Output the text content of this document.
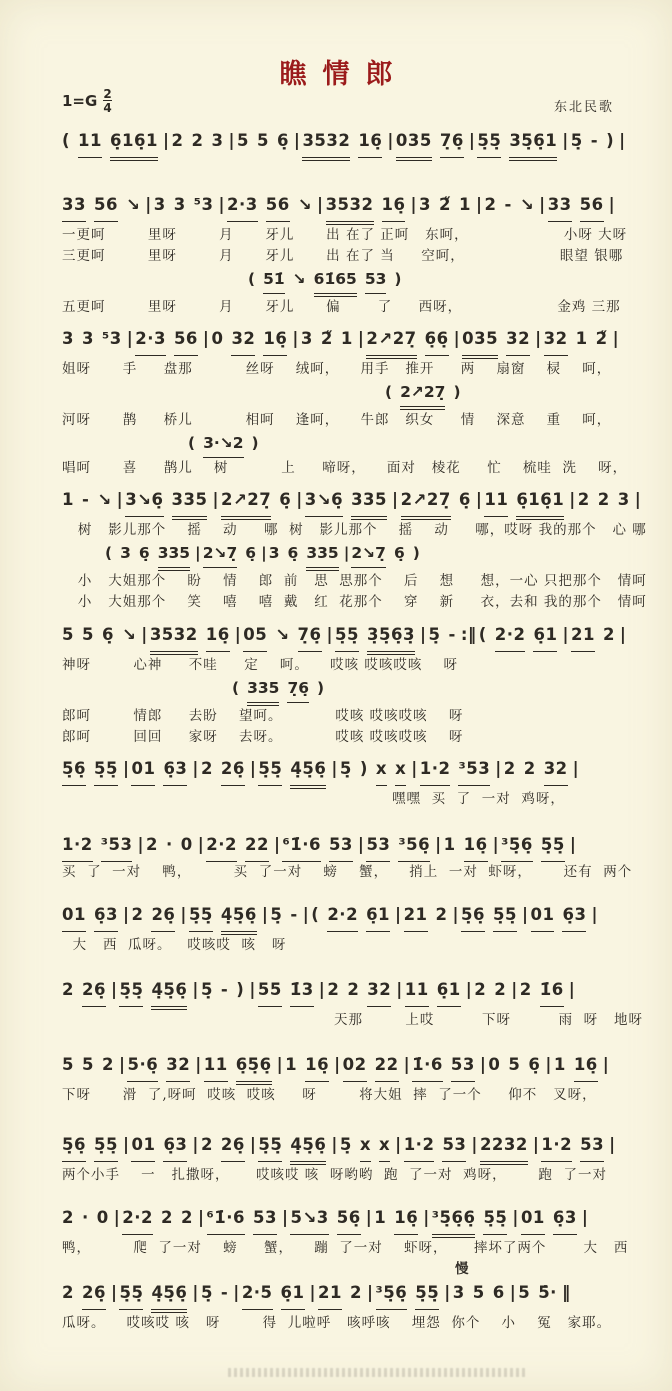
瞧情郎
$1=G \frac{2}{4}$	东北民歌
( 11 6̣16̣1 | 2 2 3 | 5 5 6̣ | 3532 16̣ | 035 7̣6̣ | 5̣5̣ 35̣6̣1 | 5̣ - ) |
33 56 ↘ | 3 3 ⁵3 | 2·3 56 ↘ | 3532 16̣ | 3 2̋ 1 | 2 - ↘ | 33 56 |
一更呵        里呀        月      牙儿      出 在了 正呵   东呵，                  小呀 大呀
三更呵        里呀        月      牙儿      出 在了 当     空呵，                  眼望 银哪
( 51̇ ↘ 61̇65 53 )
五更呵        里呀        月      牙儿      偏       了     西呀，                  金鸡 三那
3 3 ⁵3 | 2·3 56 | 0 32 16̣ | 3 2̋ 1 | 2↗27̣ 6̣6̣ | 035 32 | 32 1 2̋ |
姐呀      手     盘那          丝呀    绒呵，    用手   推开     两    扇窗    棂    呵，
( 2↗27̣ )
河呀      鹊     桥儿          相呵    逢呵，    牛郎   织女     情    深意    重    呵，
( 3·↘2 )
唱呵      喜     鹊儿    树          上     啼呀，    面对   棱花     忙    梳哇  洗    呀，
1 - ↘ | 3↘6̣ 335 | 2↗27̣ 6̣ | 3↘6̣ 335 | 2↗27̣ 6̣ | 11 6̣16̣1 | 2 2 3 |
树   影儿那个    摇    动     哪  树   影儿那个    摇    动     哪，哎呀 我的那个   心 哪
( 3 6̣ 335 | 2↘7̣ 6̣ | 3 6̣ 335 | 2↘7̣ 6̣ )
小   大姐那个    盼    情    郎  前   思  思那个    后    想     想，一心 只把那个   情呵
小   大姐那个    笑    嘻    嘻  戴   红  花那个    穿    新     衣，去和 我的那个   情呵
5 5 6̣ ↘ | 3532 16̣ | 05 ↘ 7̣6̣ | 5̣5̣ 3̣5̣6̣3̣ | 5̣ - :‖ ( 2·2 6̣1 | 21 2 |
神呀        心神     不哇     定    呵。    哎咳 哎咳哎咳    呀
( 335 7̣6̣ )
郎呵        情郎     去盼    望呵。          哎咳 哎咳哎咳    呀
郎呵        回回     家呀    去呀。          哎咳 哎咳哎咳    呀
5̣6̣ 5̣5̣ | 01 6̣3 | 2 26̣ | 5̣5̣ 4̣5̣6̣ | 5̣ ) x x | 1·2 ³53 | 2 2 32 |
嘿嘿  买  了  一对  鸡呀，
1·2 ³53 | 2 · 0 | 2·2 22 | ⁶1̇·6 53 | 53 ³56̣ | 1 16̣ | ³5̣6̣ 5̣5̣ |
买  了  一对    鸭，        买  了一对    螃    蟹，    捎上  一对  虾呀，      还有  两个
01 6̣3 | 2 26̣ | 5̣5̣ 4̣5̣6̣ | 5̣ - | ( 2·2 6̣1 | 21 2 | 5̣6̣ 5̣5̣ | 01 6̣3 |
大   西  瓜呀。   哎咳哎  咳   呀
2 26̣ | 5̣5̣ 4̣5̣6̣ | 5̣ - ) | 55 1̇3 | 2 2 32 | 11 6̣1 | 2 2 | 2 1̇6 |
天那        上哎         下呀         雨  呀   地呀
5 5 2 | 5·6̣ 32 | 11 6̣5̣6̣ | 1 16̣ | 02 22 | 1̇·6 53 | 0 5 6̣ | 1 16̣ |
下呀      滑  了,呀呵  哎咳  哎咳     呀        将大姐  摔  了一个     仰不   叉呀，
5̣6̣ 5̣5̣ | 01 6̣3 | 2 26̣ | 5̣5̣ 4̣5̣6̣ | 5̣ x x | 1·2 53 | 2232 | 1·2 53 |
两个小手    一   扎撒呀，     哎咳哎 咳  呀哟哟  跑  了一对  鸡呀，      跑  了一对
2 · 0 | 2·2 2 2 | ⁶1̇·6 53 | 5↘3 56̣ | 1 16̣ | ³5̣6̣6̣ 5̣5̣ | 01 6̣3 |
鸭，        爬  了一对    螃     蟹，    蹦  了一对    虾呀，     摔坏了两个       大   西
慢
2 26̣ | 5̣5̣ 4̣5̣6̣ | 5̣ - | 2·5 6̣1 | 21 2 | ³5̣6̣ 5̣5̣ | 3 5 6 | 5 5̇· ‖
瓜呀。    哎咳哎 咳   呀        得  儿啦呼   咳呼咳    埋怨  你个    小    冤   家耶。
